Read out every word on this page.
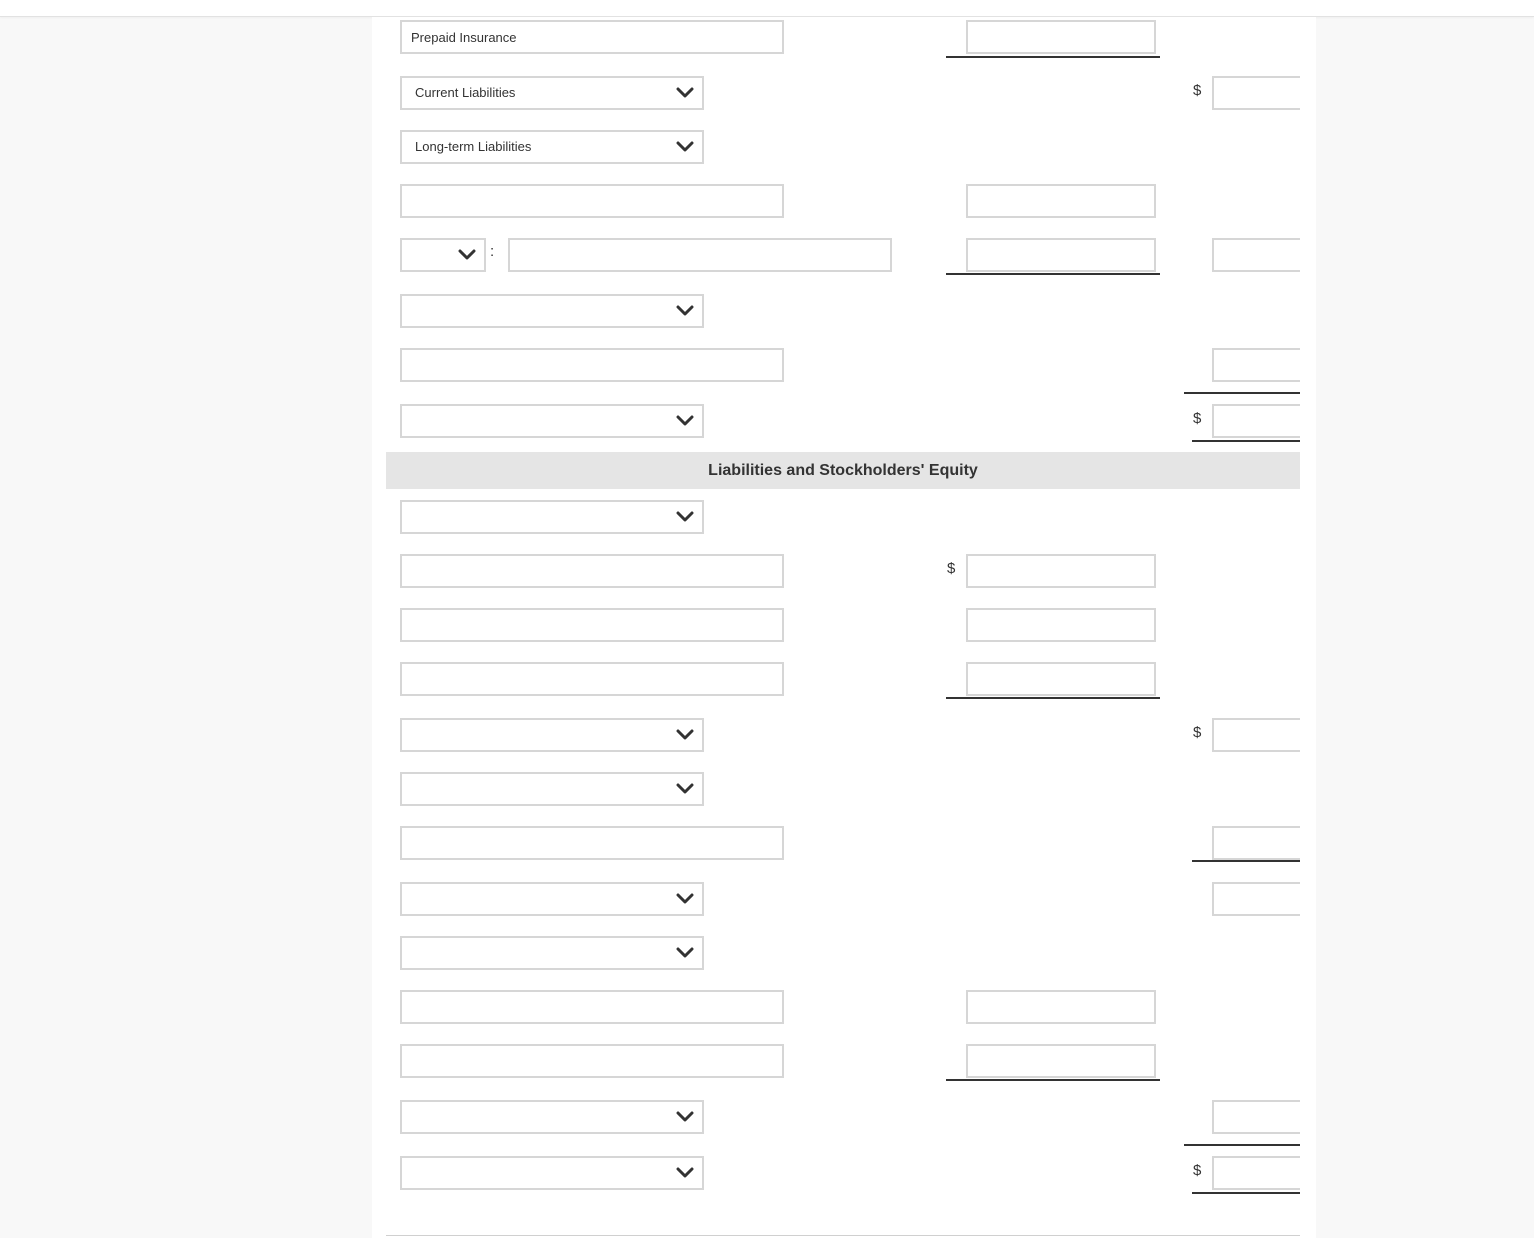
Prepaid Insurance
Current Liabilities	$
Long-term Liabilities
:
$
Liabilities and Stockholders' Equity
$
$
$
